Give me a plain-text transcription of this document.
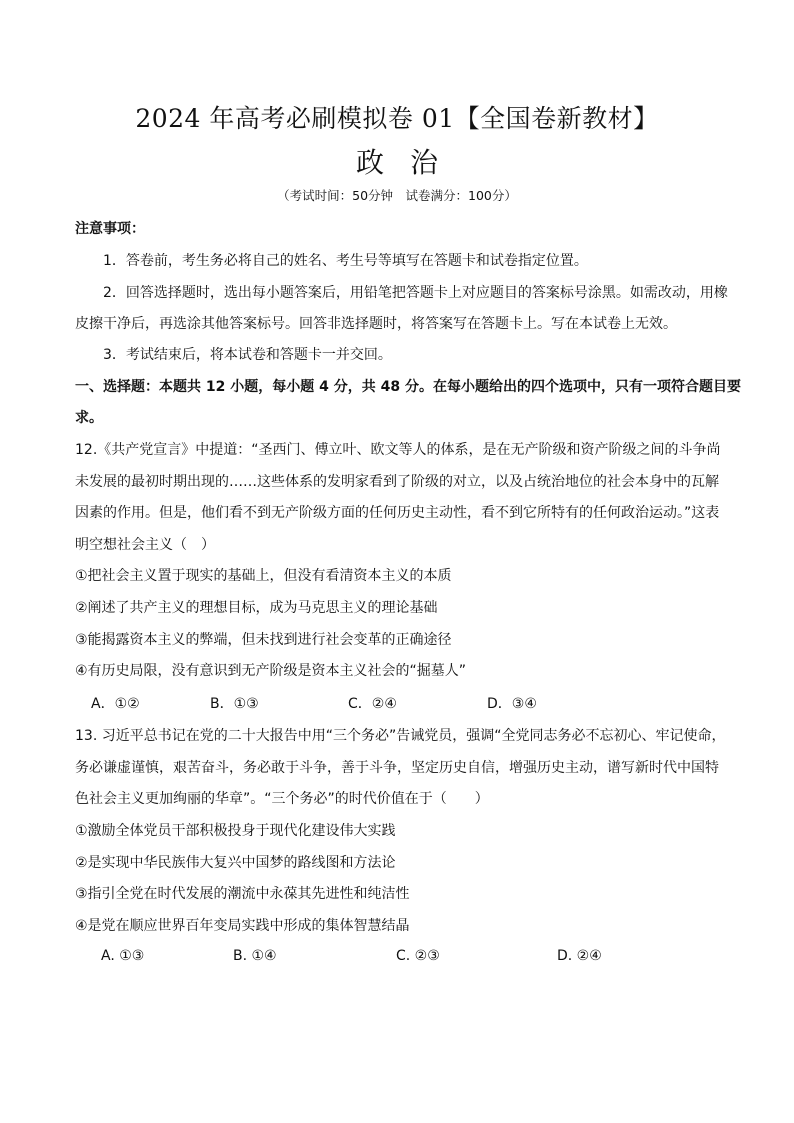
2024 年高考必刷模拟卷 01【全国卷新教材】
政治
（考试时间：50分钟　试卷满分：100分）
注意事项：
1．答卷前，考生务必将自己的姓名、考生号等填写在答题卡和试卷指定位置。
2．回答选择题时，选出每小题答案后，用铅笔把答题卡上对应题目的答案标号涂黑。如需改动，用橡
皮擦干净后，再选涂其他答案标号。回答非选择题时，将答案写在答题卡上。写在本试卷上无效。
3．考试结束后，将本试卷和答题卡一并交回。
一、选择题：本题共 12 小题，每小题 4 分，共 48 分。在每小题给出的四个选项中，只有一项符合题目要
求。
12.《共产党宣言》中提道：“圣西门、傅立叶、欧文等人的体系，是在无产阶级和资产阶级之间的斗争尚
未发展的最初时期出现的……这些体系的发明家看到了阶级的对立，以及占统治地位的社会本身中的瓦解
因素的作用。但是，他们看不到无产阶级方面的任何历史主动性，看不到它所特有的任何政治运动。”这表
明空想社会主义（　）
①把社会主义置于现实的基础上，但没有看清资本主义的本质
②阐述了共产主义的理想目标，成为马克思主义的理论基础
③能揭露资本主义的弊端，但未找到进行社会变革的正确途径
④有历史局限，没有意识到无产阶级是资本主义社会的“掘墓人”
A．①②	B．①③	C．②④	D．③④
13. 习近平总书记在党的二十大报告中用“三个务必”告诫党员，强调“全党同志务必不忘初心、牢记使命，
务必谦虚谨慎，艰苦奋斗，务必敢于斗争，善于斗争，坚定历史自信，增强历史主动，谱写新时代中国特
色社会主义更加绚丽的华章”。“三个务必”的时代价值在于（　　）
①激励全体党员干部积极投身于现代化建设伟大实践
②是实现中华民族伟大复兴中国梦的路线图和方法论
③指引全党在时代发展的潮流中永葆其先进性和纯洁性
④是党在顺应世界百年变局实践中形成的集体智慧结晶
A. ①③	B. ①④	C. ②③	D. ②④
